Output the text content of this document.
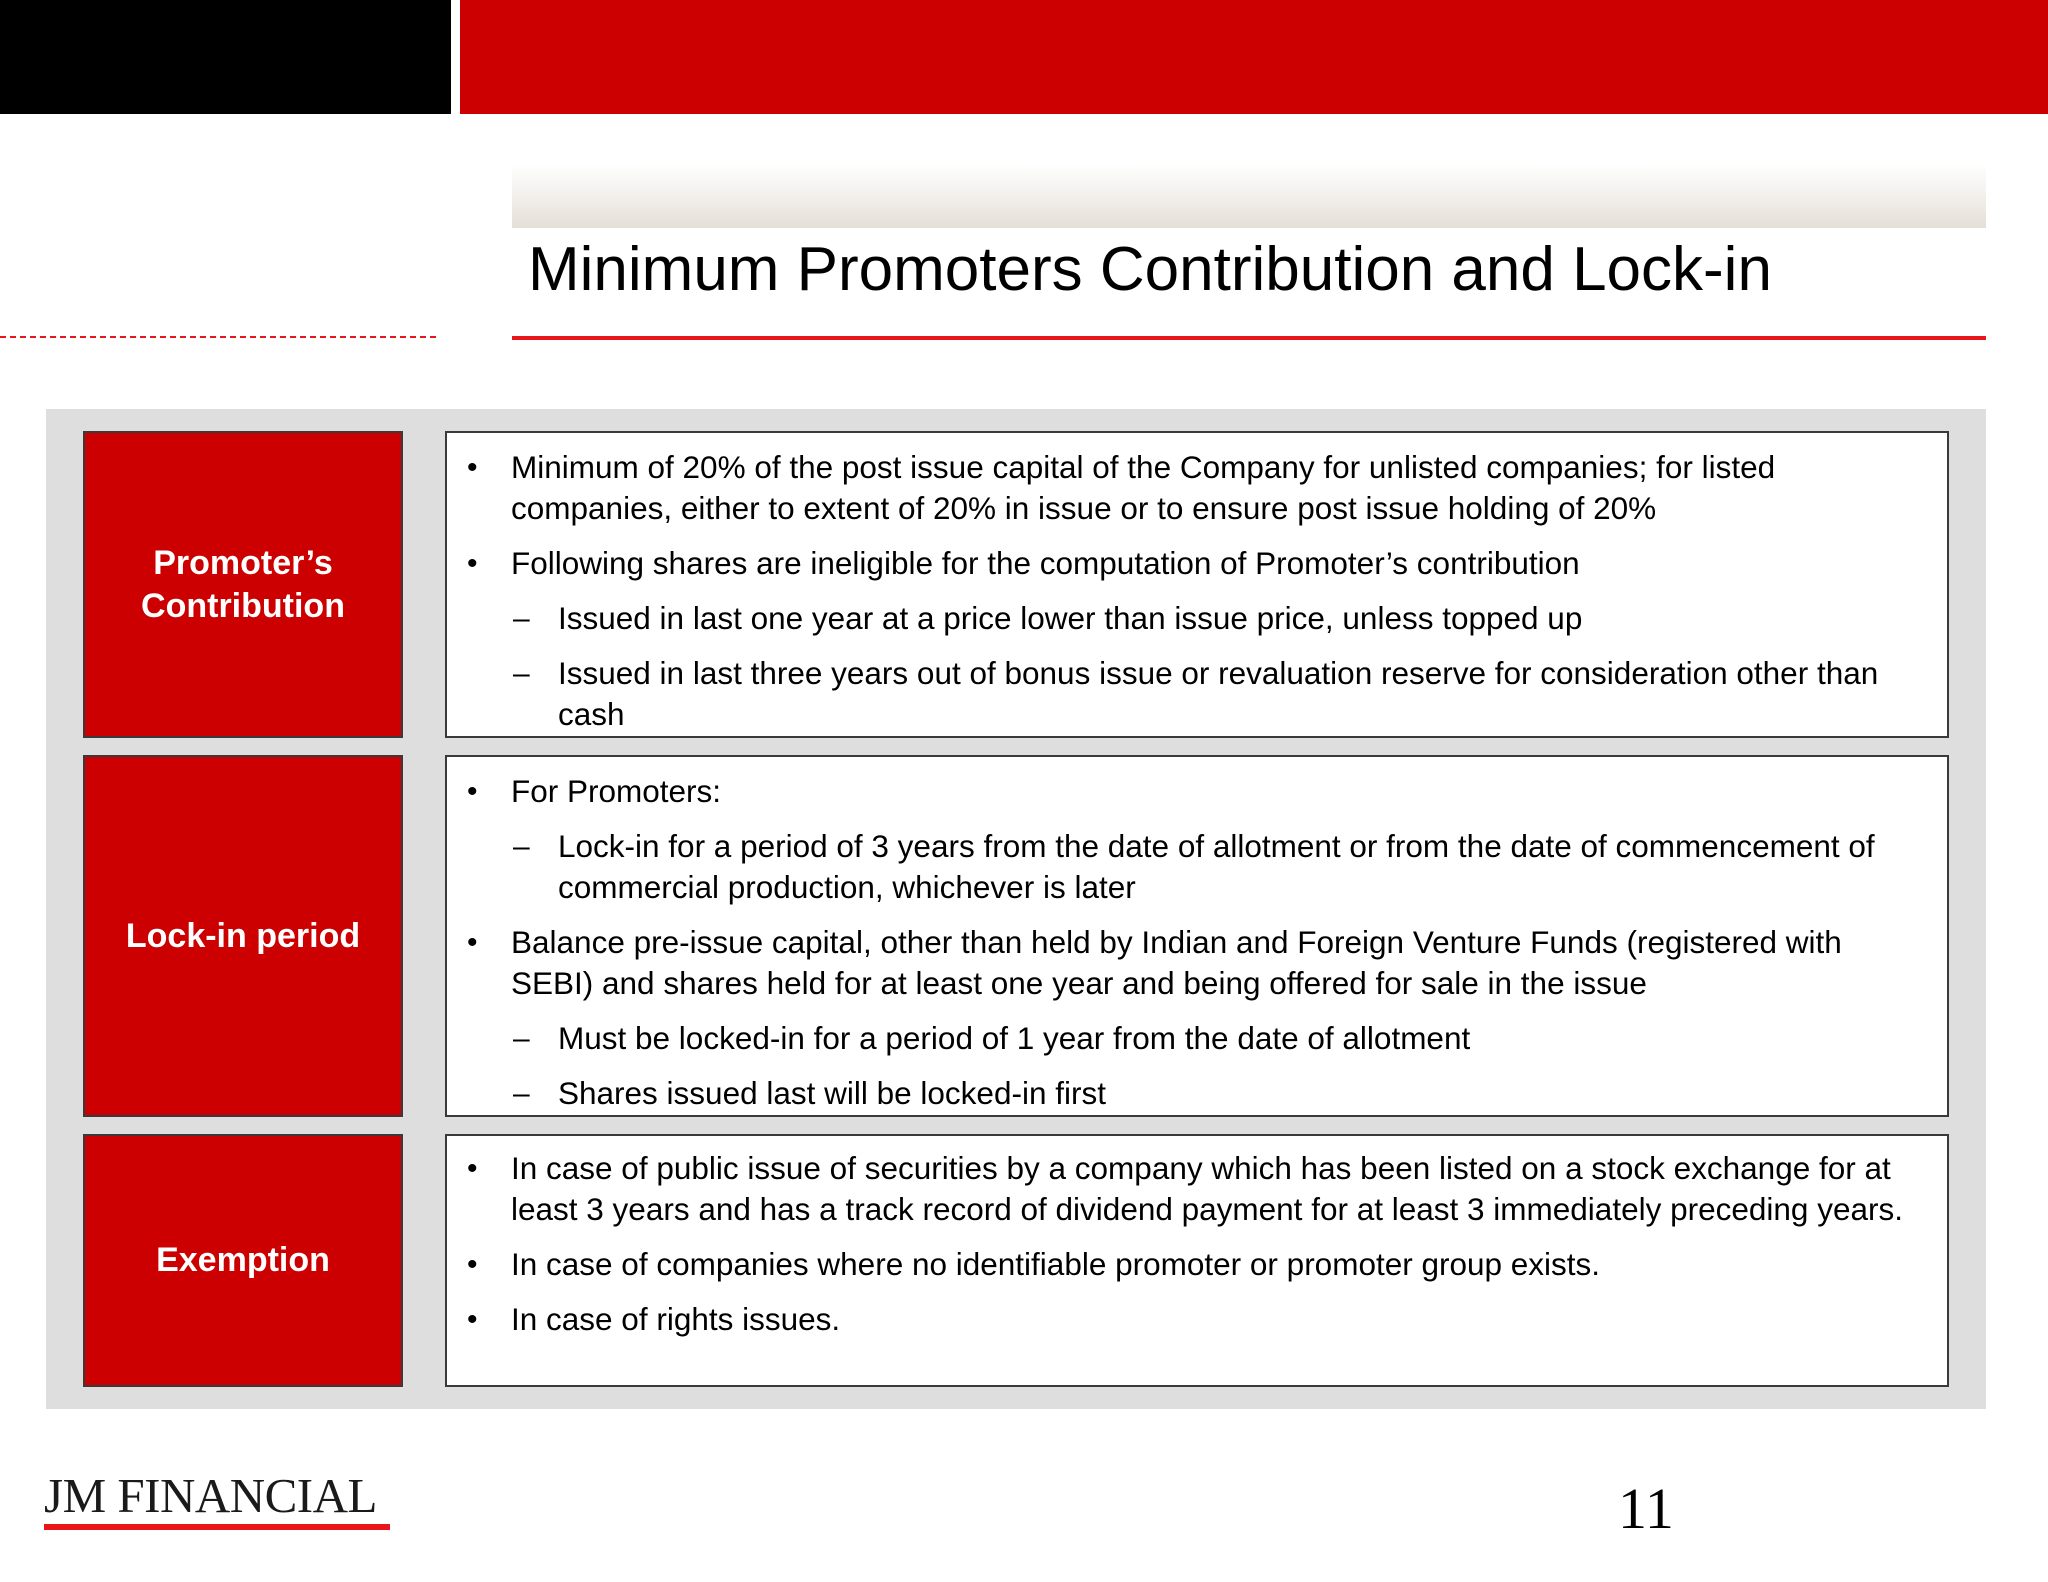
Minimum Promoters Contribution and Lock-in
Promoter’s Contribution
• Minimum of 20% of the post issue capital of the Company for unlisted companies; for listed companies, either to extent of 20% in issue or to ensure post issue holding of 20%
• Following shares are ineligible for the computation of Promoter’s contribution
– Issued in last one year at a price lower than issue price, unless topped up
– Issued in last three years out of bonus issue or revaluation reserve for consideration other than cash
Lock-in period
• For Promoters:
– Lock-in for a period of 3 years from the date of allotment or from the date of commencement of commercial production, whichever is later
• Balance pre-issue capital, other than held by Indian and Foreign Venture Funds (registered with SEBI) and shares held for at least one year and being offered for sale in the issue
– Must be locked-in for a period of 1 year from the date of allotment
– Shares issued last will be locked-in first
Exemption
• In case of public issue of securities by a company which has been listed on a stock exchange for at least 3 years and has a track record of dividend payment for at least 3 immediately preceding years.
• In case of companies where no identifiable promoter or promoter group exists.
• In case of rights issues.
JM FINANCIAL	11
